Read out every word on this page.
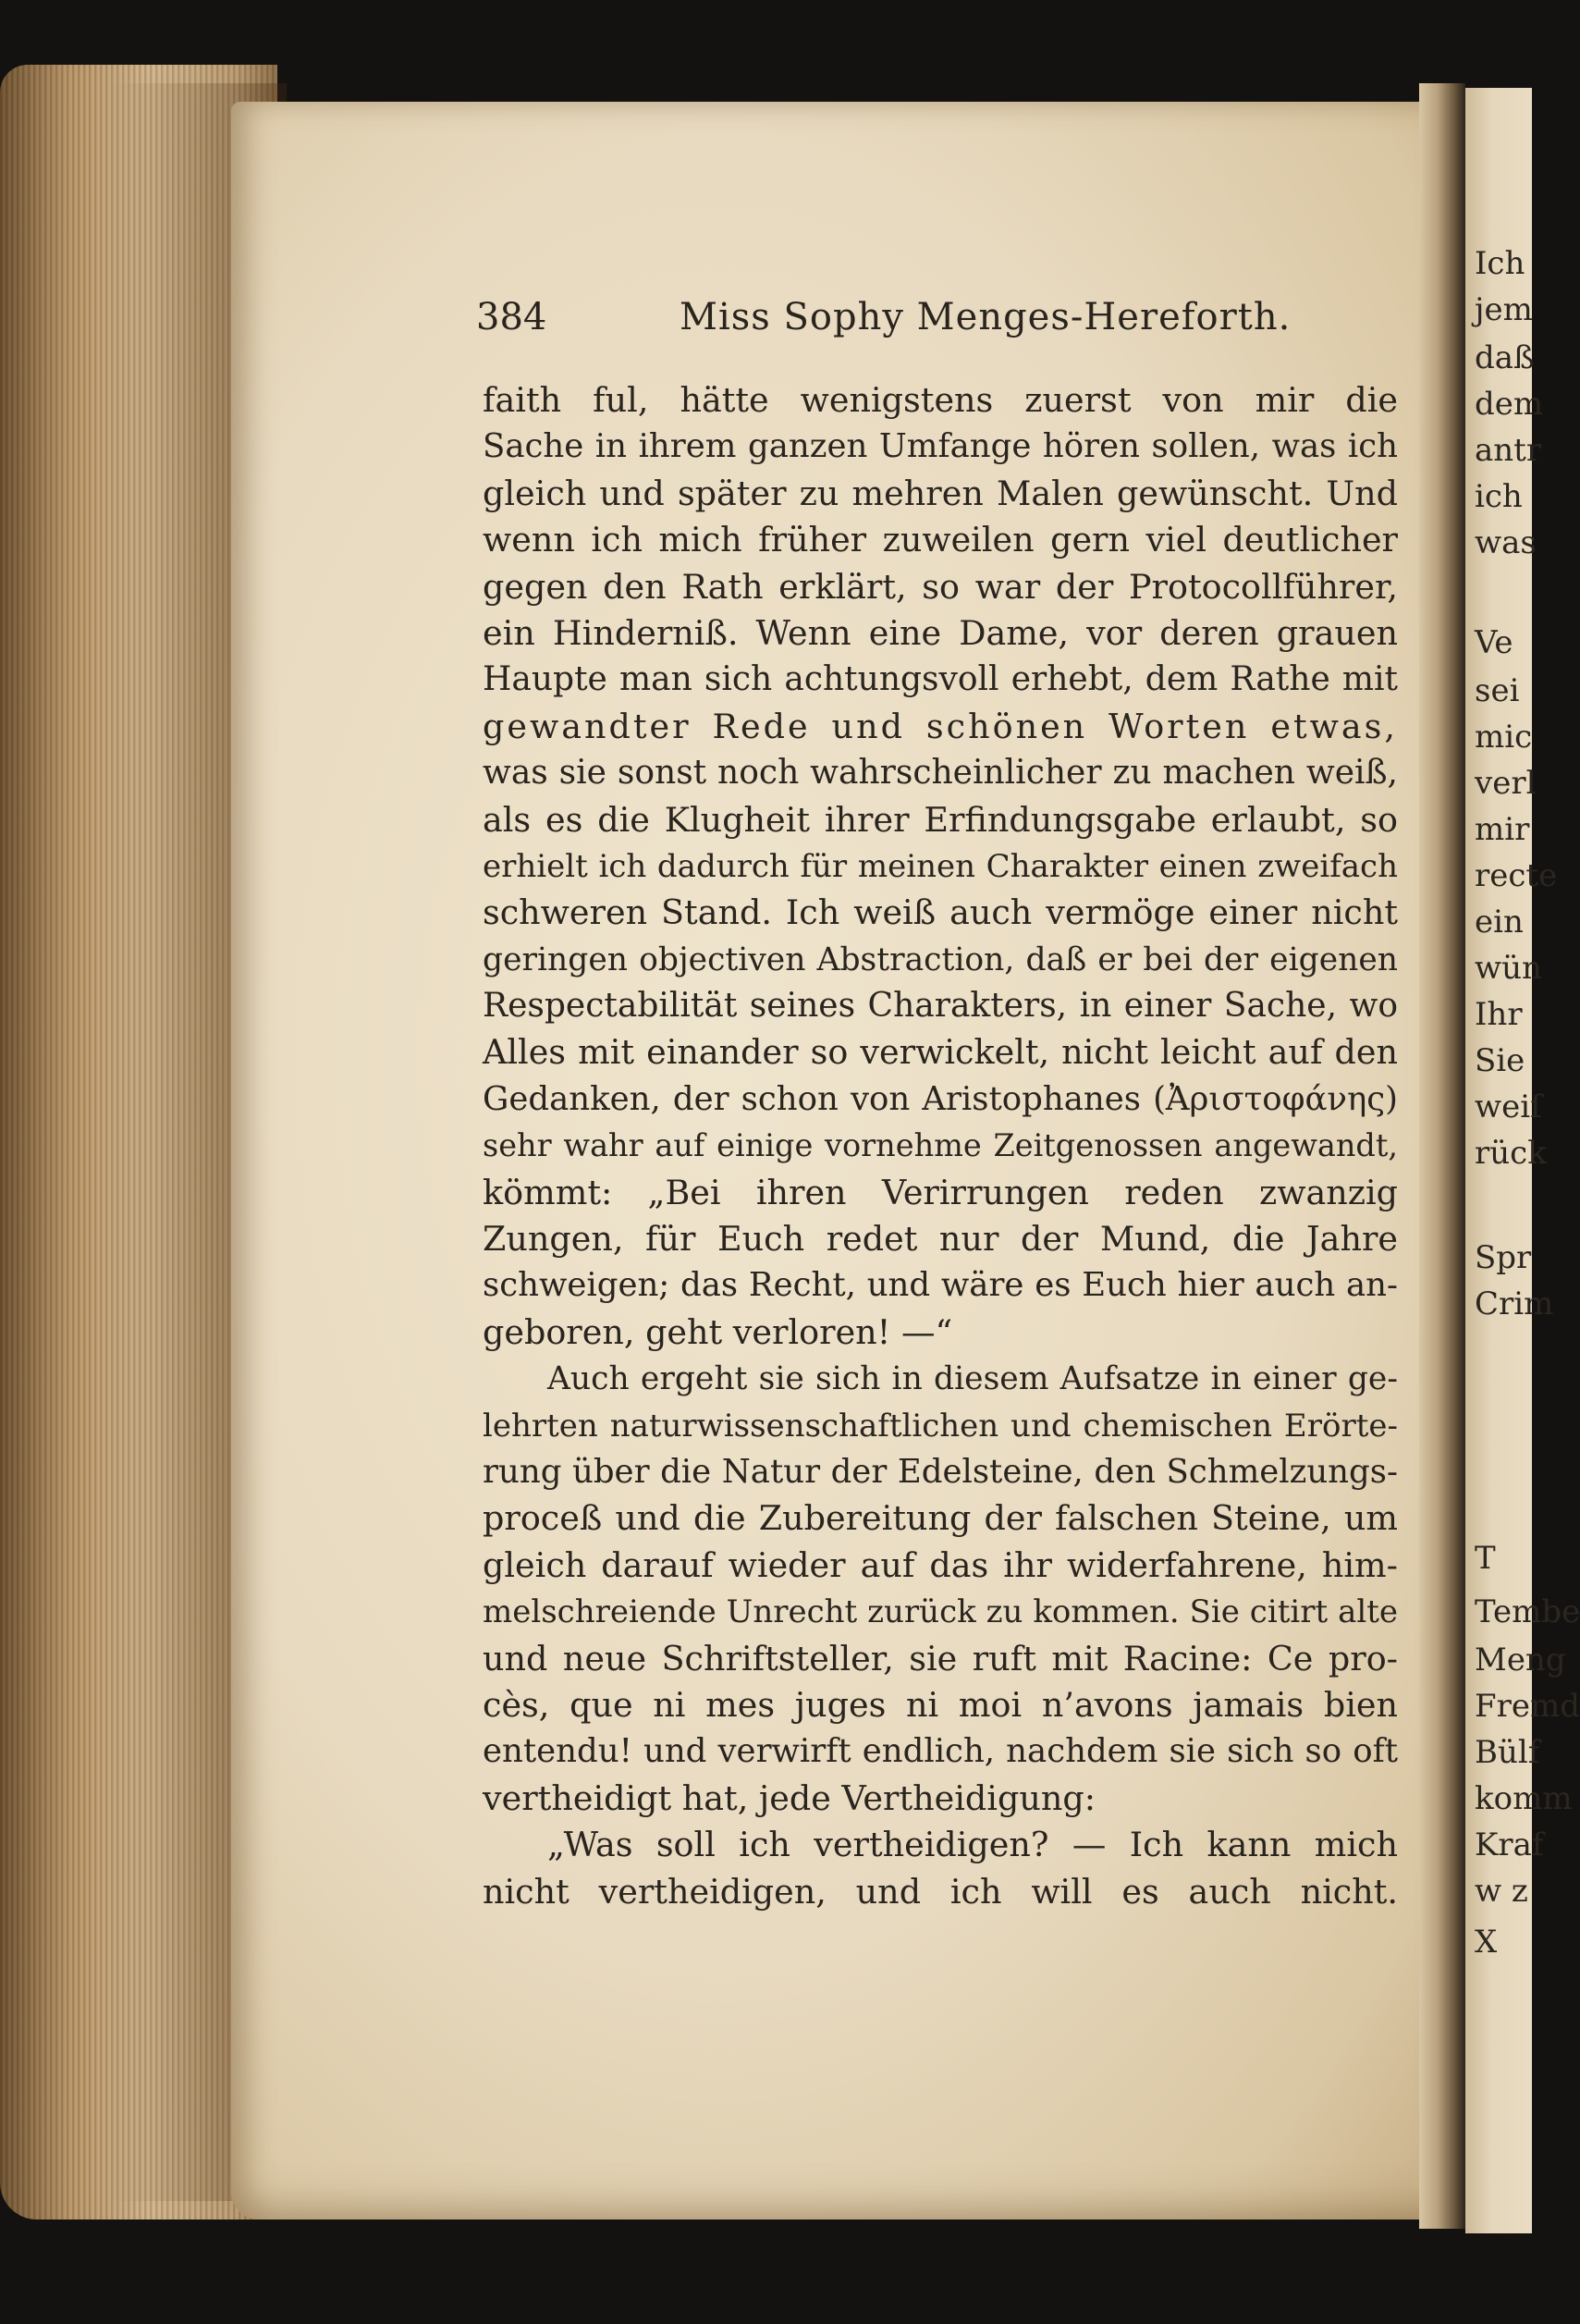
Ich
jem
daß
dem
antr
ich
was
Ve
sei
mic
verl
mir
recte
ein
wün
Ihr
Sie
weiſ
rück
Spr
Crim
T
Tembe
Meng
Fremd
Bülf
komm
Kraf
w z
X
384	Miss Sophy Menges-Hereforth.
faith ful, hätte wenigstens zuerst von mir die
Sache in ihrem ganzen Umfange hören sollen, was ich
gleich und später zu mehren Malen gewünscht. Und
wenn ich mich früher zuweilen gern viel deutlicher
gegen den Rath erklärt, so war der Protocollführer,
ein Hinderniß. Wenn eine Dame, vor deren grauen
Haupte man sich achtungsvoll erhebt, dem Rathe mit
gewandter Rede und schönen Worten etwas,
was sie sonst noch wahrscheinlicher zu machen weiß,
als es die Klugheit ihrer Erfindungsgabe erlaubt, so
erhielt ich dadurch für meinen Charakter einen zweifach
schweren Stand. Ich weiß auch vermöge einer nicht
geringen objectiven Abstraction, daß er bei der eigenen
Respectabilität seines Charakters, in einer Sache, wo
Alles mit einander so verwickelt, nicht leicht auf den
Gedanken, der schon von Aristophanes (Ἀριστοφάνης)
sehr wahr auf einige vornehme Zeitgenossen angewandt,
kömmt: „Bei ihren Verirrungen reden zwanzig
Zungen, für Euch redet nur der Mund, die Jahre
schweigen; das Recht, und wäre es Euch hier auch an-
geboren, geht verloren! —“
Auch ergeht sie sich in diesem Aufsatze in einer ge-
lehrten naturwissenschaftlichen und chemischen Erörte-
rung über die Natur der Edelsteine, den Schmelzungs-
proceß und die Zubereitung der falschen Steine, um
gleich darauf wieder auf das ihr widerfahrene, him-
melschreiende Unrecht zurück zu kommen. Sie citirt alte
und neue Schriftsteller, sie ruft mit Racine: Ce pro-
cès, que ni mes juges ni moi n’avons jamais bien
entendu! und verwirft endlich, nachdem sie sich so oft
vertheidigt hat, jede Vertheidigung:
„Was soll ich vertheidigen? — Ich kann mich
nicht vertheidigen, und ich will es auch nicht.
